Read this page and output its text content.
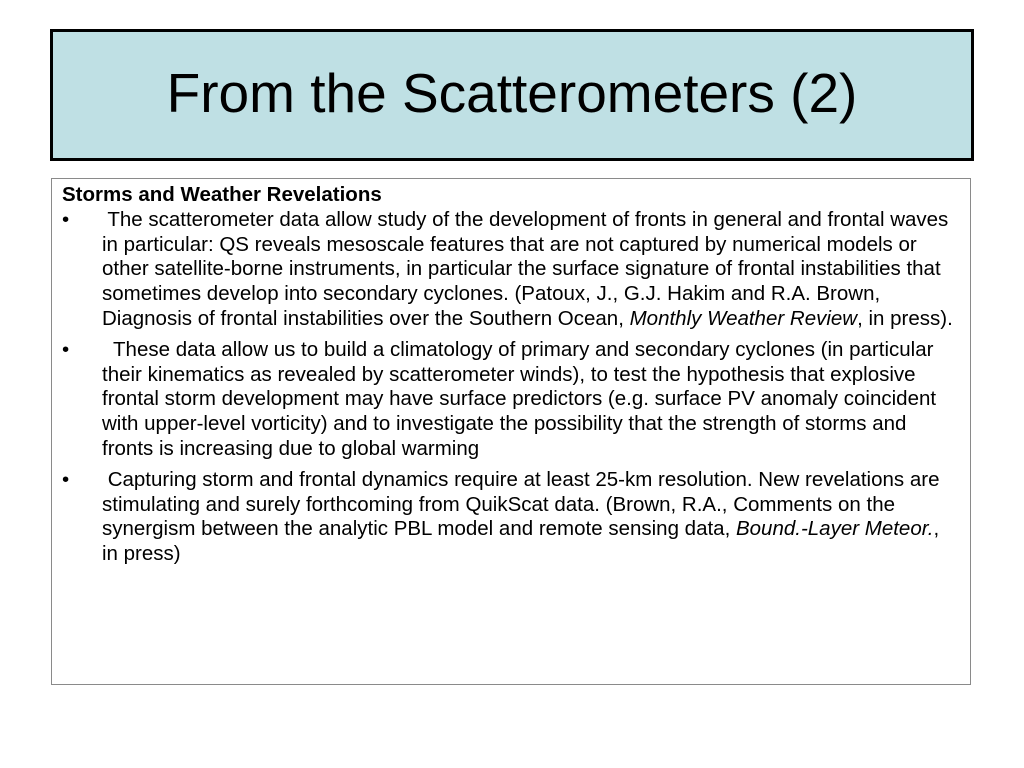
From the Scatterometers (2)

Storms and Weather Revelations

• The scatterometer data allow study of the development of fronts in general and frontal waves in particular: QS reveals mesoscale features that are not captured by numerical models or other satellite-borne instruments, in particular the surface signature of frontal instabilities that sometimes develop into secondary cyclones. (Patoux, J., G.J. Hakim and R.A. Brown, Diagnosis of frontal instabilities over the Southern Ocean, Monthly Weather Review, in press).
• These data allow us to build a climatology of primary and secondary cyclones (in particular their kinematics as revealed by scatterometer winds), to test the hypothesis that explosive frontal storm development may have surface predictors (e.g. surface PV anomaly coincident with upper-level vorticity) and to investigate the possibility that the strength of storms and fronts is increasing due to global warming
• Capturing storm and frontal dynamics require at least 25-km resolution. New revelations are stimulating and surely forthcoming from QuikScat data. (Brown, R.A., Comments on the synergism between the analytic PBL model and remote sensing data, Bound.-Layer Meteor., in press)
